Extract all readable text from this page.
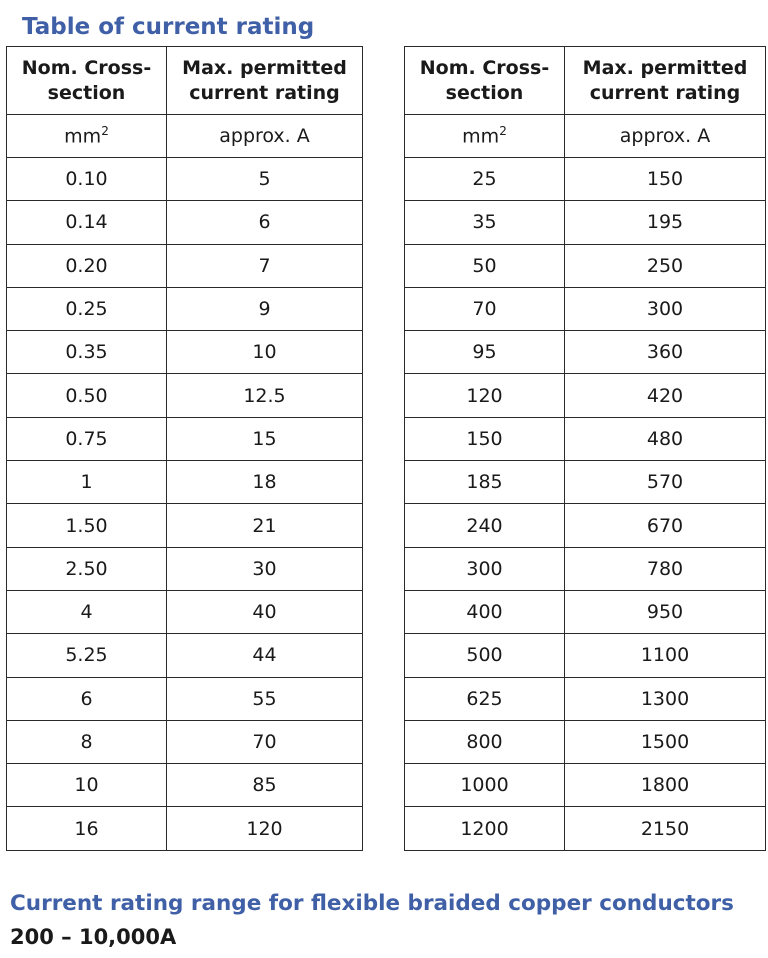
Table of current rating
Nom. Cross-
section	Max. permitted
current rating

$mm^2$	approx. A
0.10	5
0.14	6
0.20	7
0.25	9
0.35	10
0.50	12.5
0.75	15
1	18
1.50	21
2.50	30
4	40
5.25	44
6	55
8	70
10	85
16	120
Nom. Cross-
section	Max. permitted
current rating

$mm^2$	approx. A
25	150
35	195
50	250
70	300
95	360
120	420
150	480
185	570
240	670
300	780
400	950
500	1100
625	1300
800	1500
1000	1800
1200	2150
Current rating range for flexible braided copper conductors
200 – 10,000A
